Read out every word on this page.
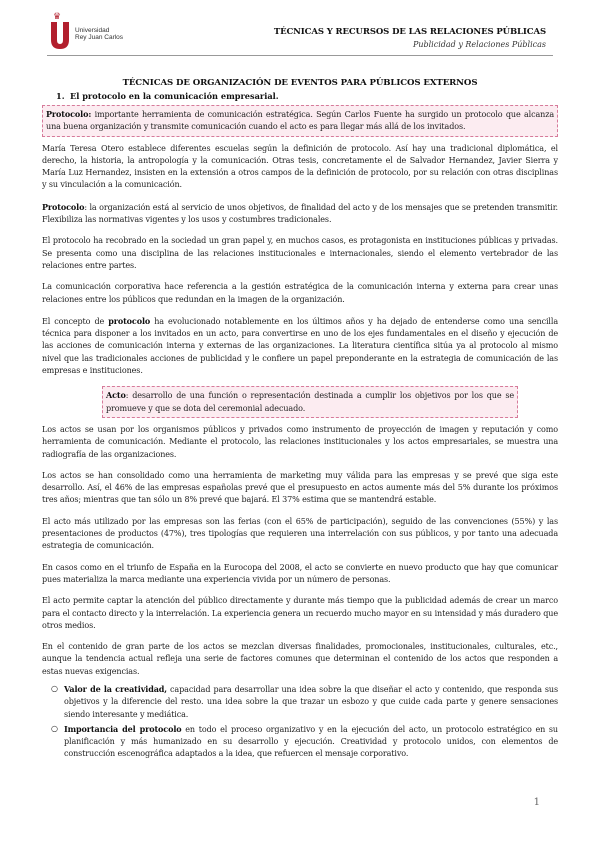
♛
Universidad
Rey Juan Carlos
TÉCNICAS Y RECURSOS DE LAS RELACIONES PÚBLICAS
Publicidad y Relaciones Públicas
TÉCNICAS DE ORGANIZACIÓN DE EVENTOS PARA PÚBLICOS EXTERNOS
1. El protocolo en la comunicación empresarial.

Protocolo: importante herramienta de comunicación estratégica. Según Carlos Fuente ha surgido un protocolo que alcanza una buena organización y transmite comunicación cuando el acto es para llegar más allá de los invitados.

María Teresa Otero establece diferentes escuelas según la definición de protocolo. Así hay una tradicional diplomática, el derecho, la historia, la antropología y la comunicación. Otras tesis, concretamente el de Salvador Hernandez, Javier Sierra y María Luz Hernandez, insisten en la extensión a otros campos de la definición de protocolo, por su relación con otras disciplinas y su vinculación a la comunicación.

Protocolo: la organización está al servicio de unos objetivos, de finalidad del acto y de los mensajes que se pretenden transmitir. Flexibiliza las normativas vigentes y los usos y costumbres tradicionales.

El protocolo ha recobrado en la sociedad un gran papel y, en muchos casos, es protagonista en instituciones públicas y privadas. Se presenta como una disciplina de las relaciones institucionales e internacionales, siendo el elemento vertebrador de las relaciones entre partes.

La comunicación corporativa hace referencia a la gestión estratégica de la comunicación interna y externa para crear unas relaciones entre los públicos que redundan en la imagen de la organización.

El concepto de protocolo ha evolucionado notablemente en los últimos años y ha dejado de entenderse como una sencilla técnica para disponer a los invitados en un acto, para convertirse en uno de los ejes fundamentales en el diseño y ejecución de las acciones de comunicación interna y externas de las organizaciones. La literatura científica sitúa ya al protocolo al mismo nivel que las tradicionales acciones de publicidad y le confiere un papel preponderante en la estrategia de comunicación de las empresas e instituciones.

Acto: desarrollo de una función o representación destinada a cumplir los objetivos por los que se promueve y que se dota del ceremonial adecuado.

Los actos se usan por los organismos públicos y privados como instrumento de proyección de imagen y reputación y como herramienta de comunicación. Mediante el protocolo, las relaciones institucionales y los actos empresariales, se muestra una radiografía de las organizaciones.

Los actos se han consolidado como una herramienta de marketing muy válida para las empresas y se prevé que siga este desarrollo. Así, el 46% de las empresas españolas prevé que el presupuesto en actos aumente más del 5% durante los próximos tres años; mientras que tan sólo un 8% prevé que bajará. El 37% estima que se mantendrá estable.

El acto más utilizado por las empresas son las ferias (con el 65% de participación), seguido de las convenciones (55%) y las presentaciones de productos (47%), tres tipologías que requieren una interrelación con sus públicos, y por tanto una adecuada estrategia de comunicación.

En casos como en el triunfo de España en la Eurocopa del 2008, el acto se convierte en nuevo producto que hay que comunicar pues materializa la marca mediante una experiencia vivida por un número de personas.

El acto permite captar la atención del público directamente y durante más tiempo que la publicidad además de crear un marco para el contacto directo y la interrelación. La experiencia genera un recuerdo mucho mayor en su intensidad y más duradero que otros medios.

En el contenido de gran parte de los actos se mezclan diversas finalidades, promocionales, institucionales, culturales, etc., aunque la tendencia actual refleja una serie de factores comunes que determinan el contenido de los actos que responden a estas nuevas exigencias.

○ Valor de la creatividad, capacidad para desarrollar una idea sobre la que diseñar el acto y contenido, que responda sus objetivos y la diferencie del resto. una idea sobre la que trazar un esbozo y que cuide cada parte y genere sensaciones siendo interesante y mediática.
○ Importancia del protocolo en todo el proceso organizativo y en la ejecución del acto, un protocolo estratégico en su planificación y más humanizado en su desarrollo y ejecución. Creatividad y protocolo unidos, con elementos de construcción escenográfica adaptados a la idea, que refuercen el mensaje corporativo.
1
